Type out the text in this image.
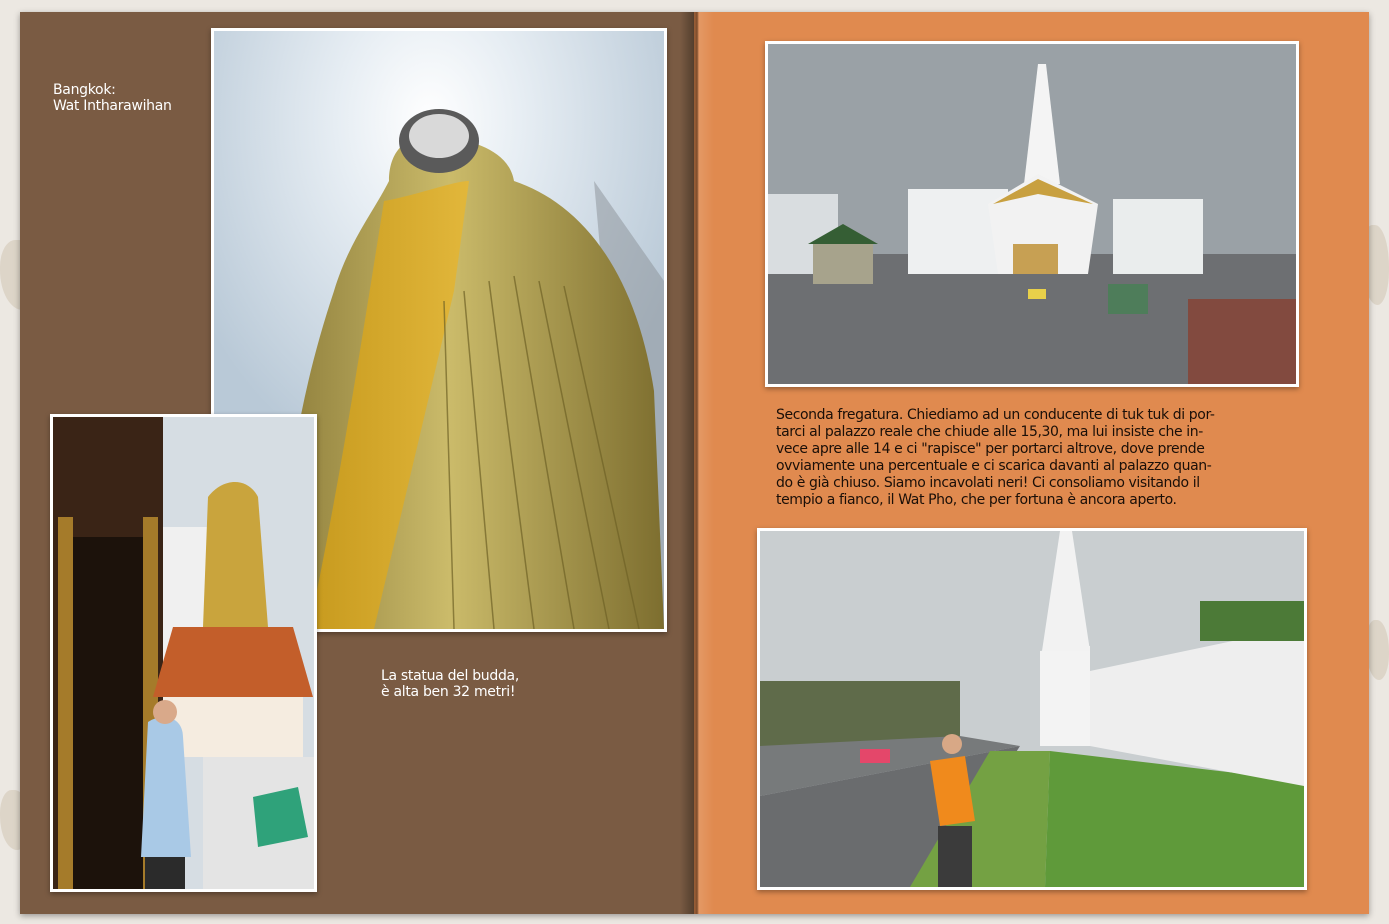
Bangkok:
Wat Intharawihan
La statua del budda,
è alta ben 32 metri!
Seconda fregatura. Chiediamo ad un conducente di tuk tuk di por-
tarci al palazzo reale che chiude alle 15,30, ma lui insiste che in-
vece apre alle 14 e ci "rapisce" per portarci altrove, dove prende
ovviamente una percentuale e ci scarica davanti al palazzo quan-
do è già chiuso. Siamo incavolati neri! Ci consoliamo visitando il
tempio a fianco, il Wat Pho, che per fortuna è ancora aperto.
